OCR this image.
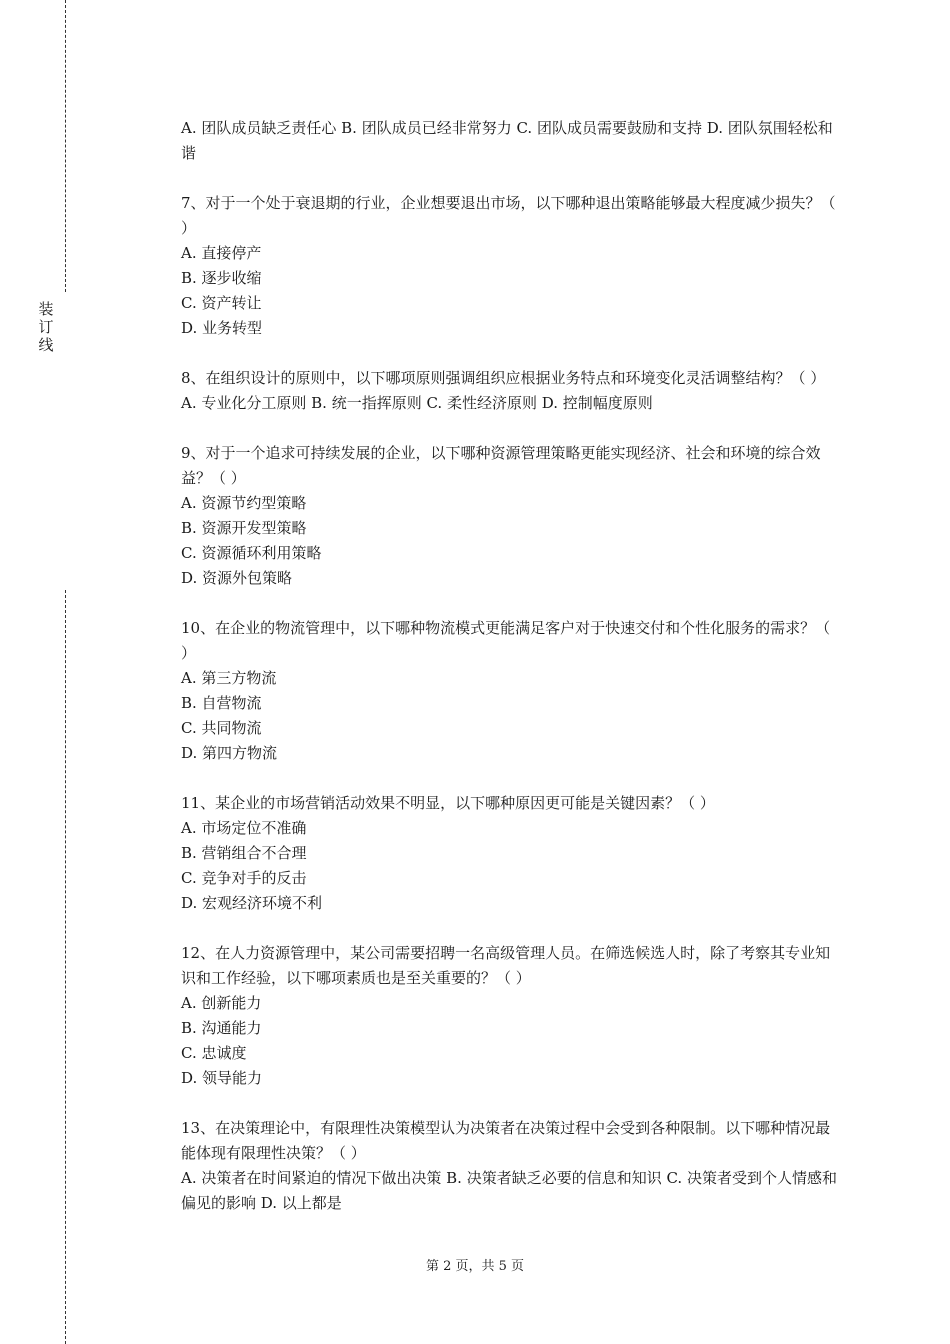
装
订
线

A. 团队成员缺乏责任心 B. 团队成员已经非常努力 C. 团队成员需要鼓励和支持 D. 团队氛围轻松和谐

7、对于一个处于衰退期的行业，企业想要退出市场，以下哪种退出策略能够最大程度减少损失？（ ）

A. 直接停产

B. 逐步收缩

C. 资产转让

D. 业务转型

8、在组织设计的原则中，以下哪项原则强调组织应根据业务特点和环境变化灵活调整结构？（ ）

A. 专业化分工原则 B. 统一指挥原则 C. 柔性经济原则 D. 控制幅度原则

9、对于一个追求可持续发展的企业，以下哪种资源管理策略更能实现经济、社会和环境的综合效益？（ ）

A. 资源节约型策略

B. 资源开发型策略

C. 资源循环利用策略

D. 资源外包策略

10、在企业的物流管理中，以下哪种物流模式更能满足客户对于快速交付和个性化服务的需求？（ ）

A. 第三方物流

B. 自营物流

C. 共同物流

D. 第四方物流

11、某企业的市场营销活动效果不明显，以下哪种原因更可能是关键因素？（ ）

A. 市场定位不准确

B. 营销组合不合理

C. 竞争对手的反击

D. 宏观经济环境不利

12、在人力资源管理中，某公司需要招聘一名高级管理人员。在筛选候选人时，除了考察其专业知识和工作经验，以下哪项素质也是至关重要的？（ ）

A. 创新能力

B. 沟通能力

C. 忠诚度

D. 领导能力

13、在决策理论中，有限理性决策模型认为决策者在决策过程中会受到各种限制。以下哪种情况最能体现有限理性决策？（ ）

A. 决策者在时间紧迫的情况下做出决策 B. 决策者缺乏必要的信息和知识 C. 决策者受到个人情感和偏见的影响 D. 以上都是

第 2 页，共 5 页
